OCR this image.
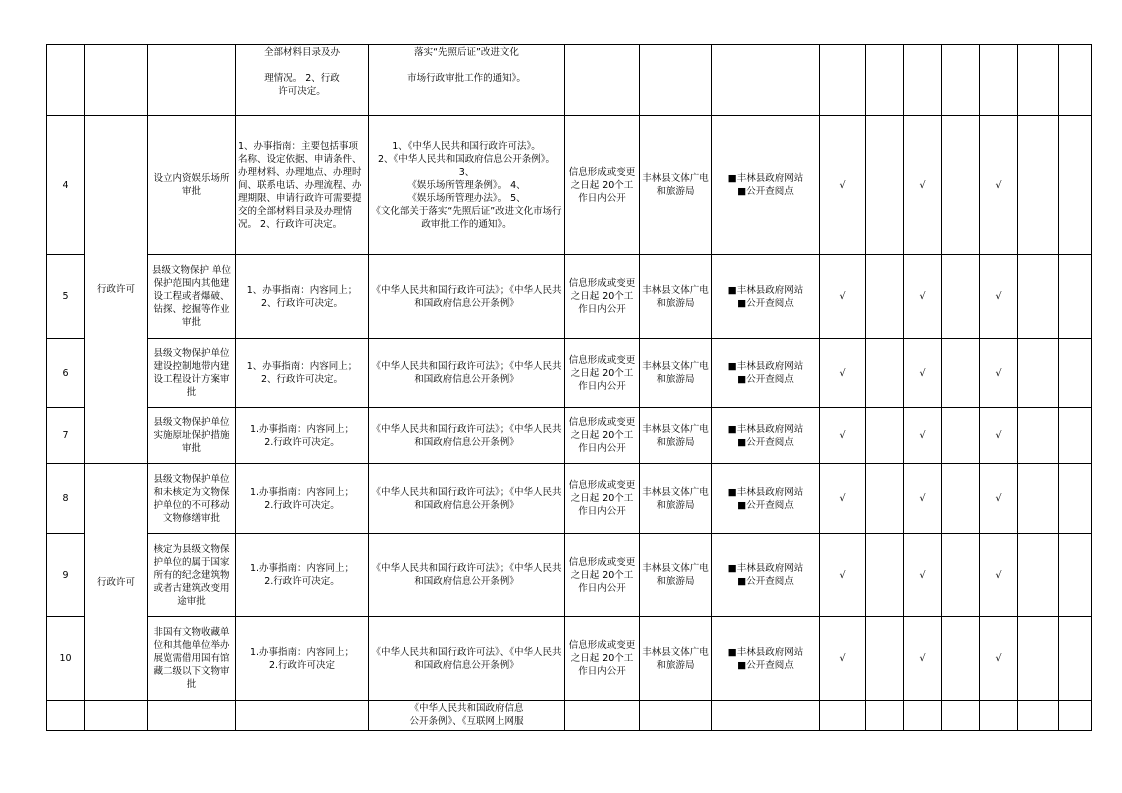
			全部材料目录及办

理情况。 2、行政
许可决定。	落实“先照后证”改进文化

市场行政审批工作的通知》。										
4	行政许可	设立内资娱乐场所审批	1、办事指南：主要包括事项名称、设定依据、申请条件、办理材料、办理地点、办理时间、联系电话、办理流程、办理期限、申请行政许可需要提交的全部材料目录及办理情况。 2、行政许可决定。	1、《中华人民共和国行政许可法》。
2、《中华人民共和国政府信息公开条例》。 3、
《娱乐场所管理条例》。 4、
《娱乐场所管理办法》。 5、
《文化部关于落实“先照后证”改进文化市场行政审批工作的通知》。	信息形成或变更之日起 20个工作日内公开	丰林县文体广电和旅游局	■丰林县政府网站
■公开查阅点	√		√		√		
5		县级文物保护 单位保护范围内其他建设工程或者爆破、钻探、挖掘等作业审批	1、办事指南：内容同上；
2、行政许可决定。	《中华人民共和国行政许可法》；《中华人民共和国政府信息公开条例》	信息形成或变更之日起 20个工作日内公开	丰林县文体广电和旅游局	■丰林县政府网站
■公开查阅点	√		√		√		
6		县级文物保护单位建设控制地带内建设工程设计方案审批	1、办事指南：内容同上；
2、行政许可决定。	《中华人民共和国行政许可法》；《中华人民共和国政府信息公开条例》	信息形成或变更之日起 20个工作日内公开	丰林县文体广电和旅游局	■丰林县政府网站
■公开查阅点	√		√		√		
7		县级文物保护单位实施原址保护措施审批	1.办事指南：内容同上；
2.行政许可决定。	《中华人民共和国行政许可法》；《中华人民共和国政府信息公开条例》	信息形成或变更之日起 20个工作日内公开	丰林县文体广电和旅游局	■丰林县政府网站
■公开查阅点	√		√		√		
8	行政许可	县级文物保护单位和未核定为文物保护单位的不可移动文物修缮审批	1.办事指南：内容同上；
2.行政许可决定。	《中华人民共和国行政许可法》；《中华人民共和国政府信息公开条例》	信息形成或变更之日起 20个工作日内公开	丰林县文体广电和旅游局	■丰林县政府网站
■公开查阅点	√		√		√		
9		核定为县级文物保护单位的属于国家所有的纪念建筑物或者古建筑改变用途审批	1.办事指南：内容同上；
2.行政许可决定。	《中华人民共和国行政许可法》；《中华人民共和国政府信息公开条例》	信息形成或变更之日起 20个工作日内公开	丰林县文体广电和旅游局	■丰林县政府网站
■公开查阅点	√		√		√		
10		非国有文物收藏单位和其他单位举办展览需借用国有馆藏二级以下文物审批	1.办事指南：内容同上；
2.行政许可决定	《中华人民共和国行政许可法》、《中华人民共和国政府信息公开条例》	信息形成或变更之日起 20个工作日内公开	丰林县文体广电和旅游局	■丰林县政府网站
■公开查阅点	√		√		√		
				《中华人民共和国政府信息
公开条例》、《互联网上网服										
